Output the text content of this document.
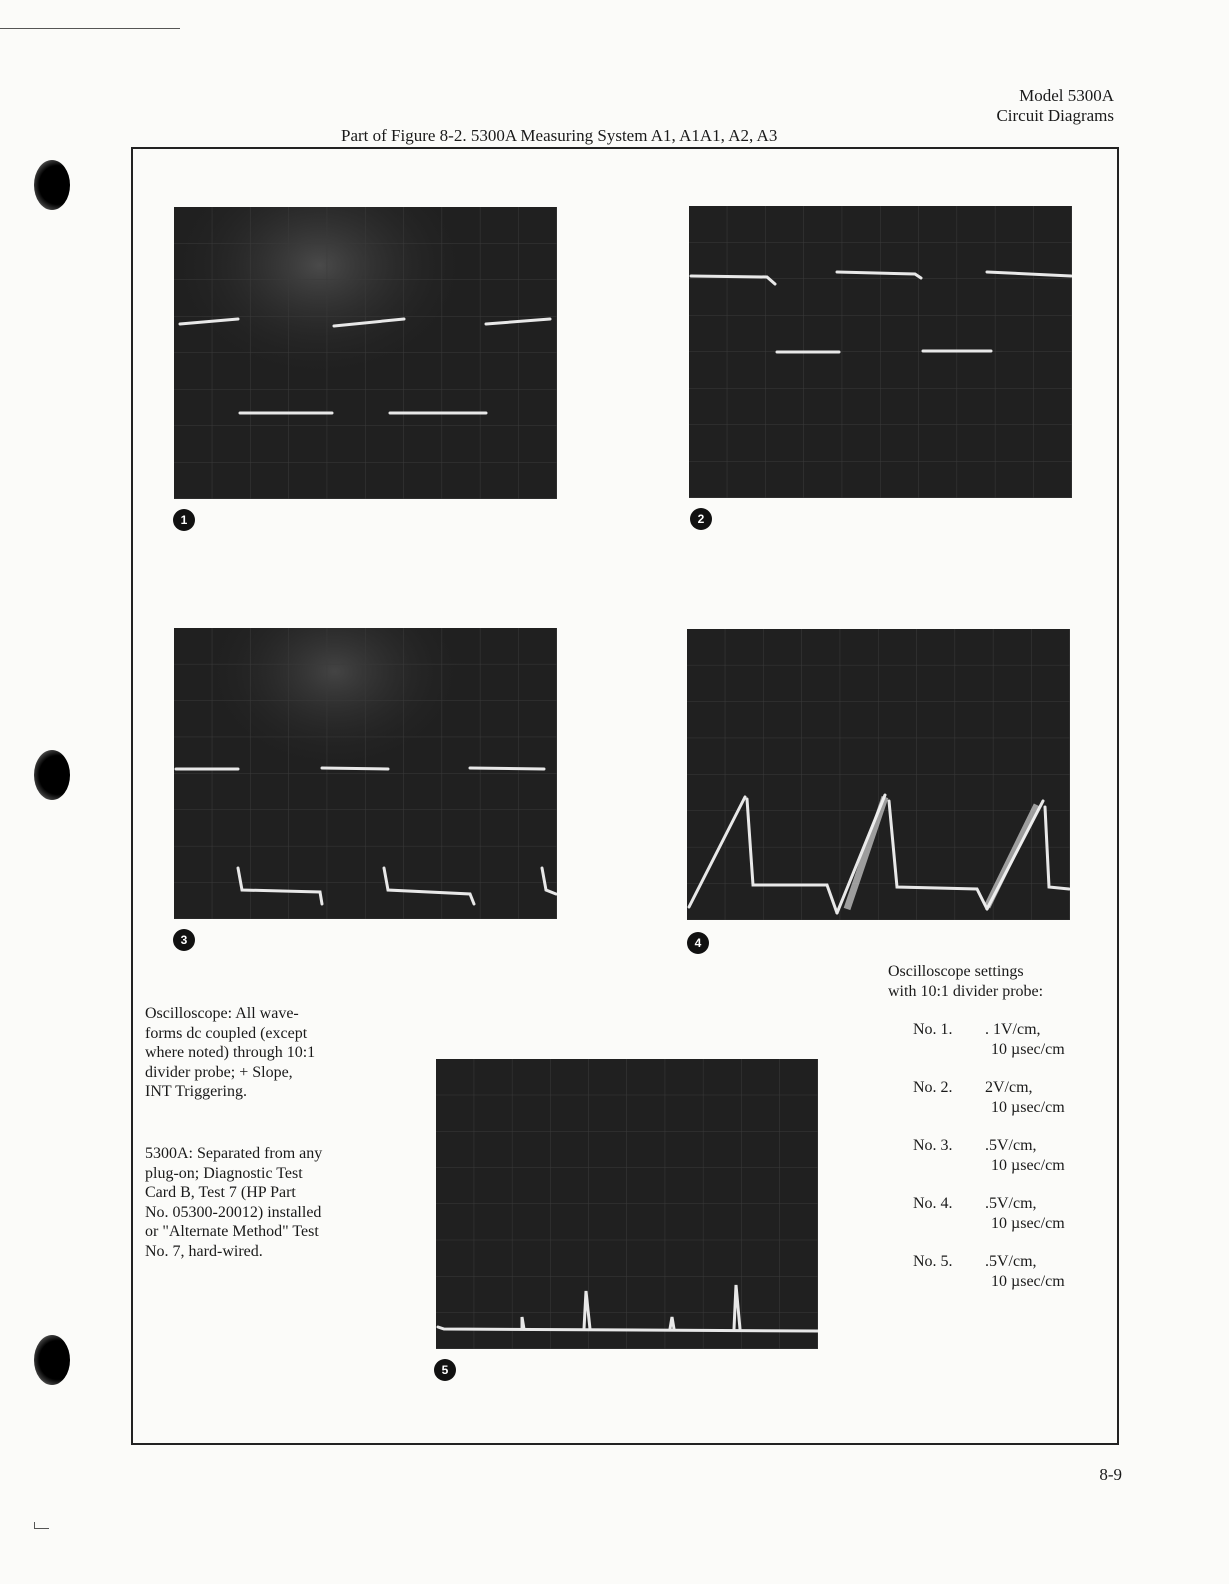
Model 5300A
Circuit Diagrams
Part of Figure 8-2. 5300A Measuring System A1, A1A1, A2, A3
1	2
3	4
5
Oscilloscope: All wave-
forms dc coupled (except
where noted) through 10:1
divider probe; + Slope,
INT Triggering.
5300A: Separated from any
plug-on; Diagnostic Test
Card B, Test 7 (HP Part
No. 05300-20012) installed
or "Alternate Method" Test
No. 7, hard-wired.
Oscilloscope settings
with 10:1 divider probe:
No. 1. . 1V/cm,
10 µsec/cm
No. 2. 2V/cm,
10 µsec/cm
No. 3. .5V/cm,
10 µsec/cm
No. 4. .5V/cm,
10 µsec/cm
No. 5. .5V/cm,
10 µsec/cm
8-9
